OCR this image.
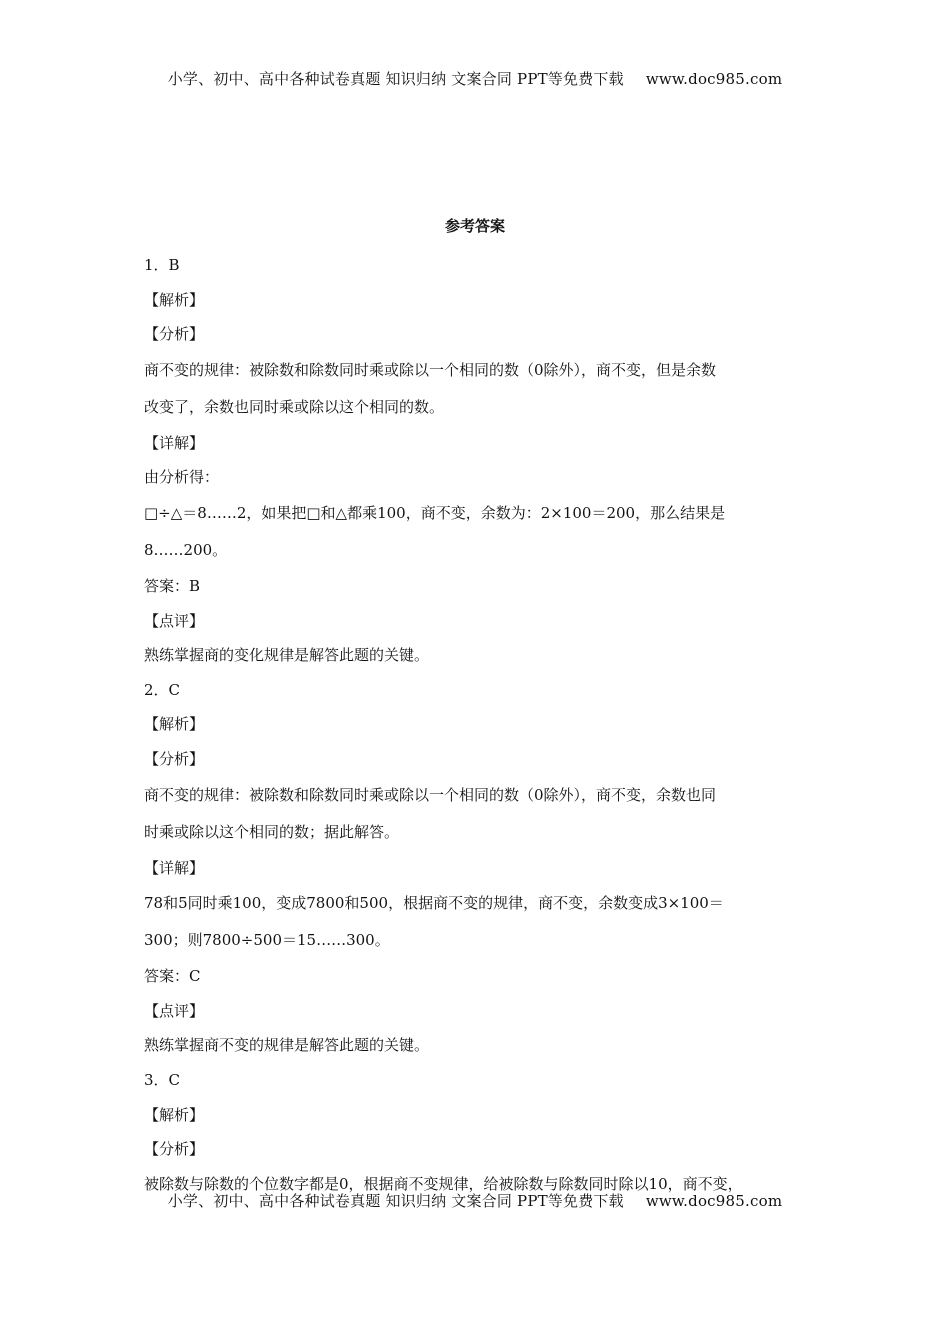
小学、初中、高中各种试卷真题 知识归纳 文案合同 PPT等免费下载 www.doc985.com
参考答案
1．B
【解析】
【分析】
商不变的规律：被除数和除数同时乘或除以一个相同的数（0除外），商不变，但是余数
改变了，余数也同时乘或除以这个相同的数。
【详解】
由分析得：
□÷△＝8……2，如果把□和△都乘100，商不变，余数为：2×100＝200，那么结果是
8……200。
答案：B
【点评】
熟练掌握商的变化规律是解答此题的关键。
2．C
【解析】
【分析】
商不变的规律：被除数和除数同时乘或除以一个相同的数（0除外），商不变，余数也同
时乘或除以这个相同的数；据此解答。
【详解】
78和5同时乘100，变成7800和500，根据商不变的规律，商不变，余数变成3×100＝
300；则7800÷500＝15……300。
答案：C
【点评】
熟练掌握商不变的规律是解答此题的关键。
3．C
【解析】
【分析】
被除数与除数的个位数字都是0，根据商不变规律，给被除数与除数同时除以10，商不变，
小学、初中、高中各种试卷真题 知识归纳 文案合同 PPT等免费下载 www.doc985.com
